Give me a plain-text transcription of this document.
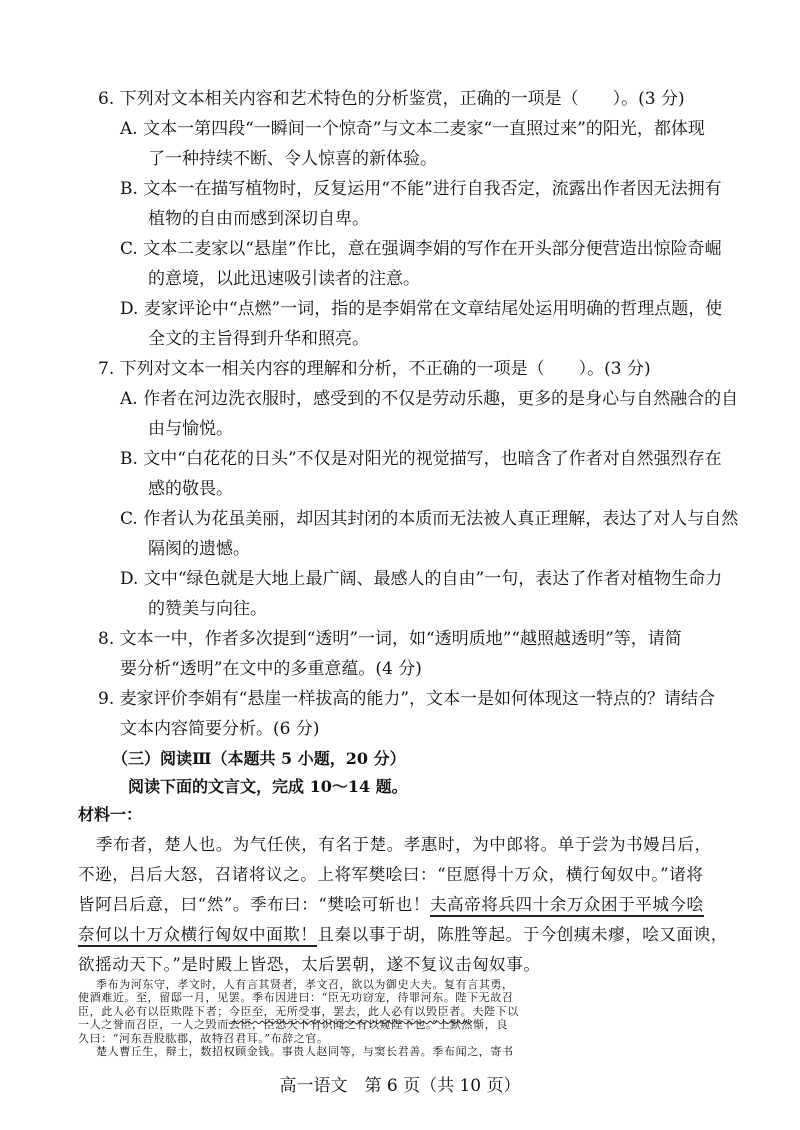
6. 下列对文本相关内容和艺术特色的分析鉴赏，正确的一项是（　　）。(3 分)
A. 文本一第四段“一瞬间一个惊奇”与文本二麦家“一直照过来”的阳光，都体现
了一种持续不断、令人惊喜的新体验。
B. 文本一在描写植物时，反复运用“不能”进行自我否定，流露出作者因无法拥有
植物的自由而感到深切自卑。
C. 文本二麦家以“悬崖”作比，意在强调李娟的写作在开头部分便营造出惊险奇崛
的意境，以此迅速吸引读者的注意。
D. 麦家评论中“点燃”一词，指的是李娟常在文章结尾处运用明确的哲理点题，使
全文的主旨得到升华和照亮。
7. 下列对文本一相关内容的理解和分析，不正确的一项是（　　）。(3 分)
A. 作者在河边洗衣服时，感受到的不仅是劳动乐趣，更多的是身心与自然融合的自
由与愉悦。
B. 文中“白花花的日头”不仅是对阳光的视觉描写，也暗含了作者对自然强烈存在
感的敬畏。
C. 作者认为花虽美丽，却因其封闭的本质而无法被人真正理解，表达了对人与自然
隔阂的遗憾。
D. 文中“绿色就是大地上最广阔、最感人的自由”一句，表达了作者对植物生命力
的赞美与向往。
8. 文本一中，作者多次提到“透明”一词，如“透明质地”“越照越透明”等，请简
要分析“透明”在文中的多重意蕴。(4 分)
9. 麦家评价李娟有“悬崖一样拔高的能力”，文本一是如何体现这一特点的？请结合
文本内容简要分析。(6 分)
（三）阅读Ⅲ（本题共 5 小题，20 分）
阅读下面的文言文，完成 10～14 题。
材料一：
季布者，楚人也。为气任侠，有名于楚。孝惠时，为中郎将。单于尝为书嫚吕后，
不逊，吕后大怒，召诸将议之。上将军樊哙曰：“臣愿得十万众，横行匈奴中。”诸将
皆阿吕后意，曰“然”。季布曰：“樊哙可斩也！夫高帝将兵四十余万众困于平城今哙
奈何以十万众横行匈奴中面欺！且秦以事于胡，陈胜等起。于今创痍未瘳，哙又面谀，
欲摇动天下。”是时殿上皆恐，太后罢朝，遂不复议击匈奴事。
季布为河东守，孝文时，人有言其贤者，孝文召，欲以为御史大夫。复有言其勇，
使酒难近。至，留邸一月，见罢。季布因进曰：“臣无功窃宠，待罪河东。陛下无故召
高一语文　第 6 页（共 10 页）
臣，此人必有以臣欺陛下者；今臣至，无所受事，罢去，此人必有以毁臣者。夫陛下以
一人之誉而召臣，一人之毁而去臣，臣恐天下有识闻之有以窥陛下也。”上默然惭，良
久曰：“河东吾股肱郡，故特召君耳。”布辞之官。
楚人曹丘生，辩士，数招权顾金钱。事贵人赵同等，与窦长君善。季布闻之，寄书
